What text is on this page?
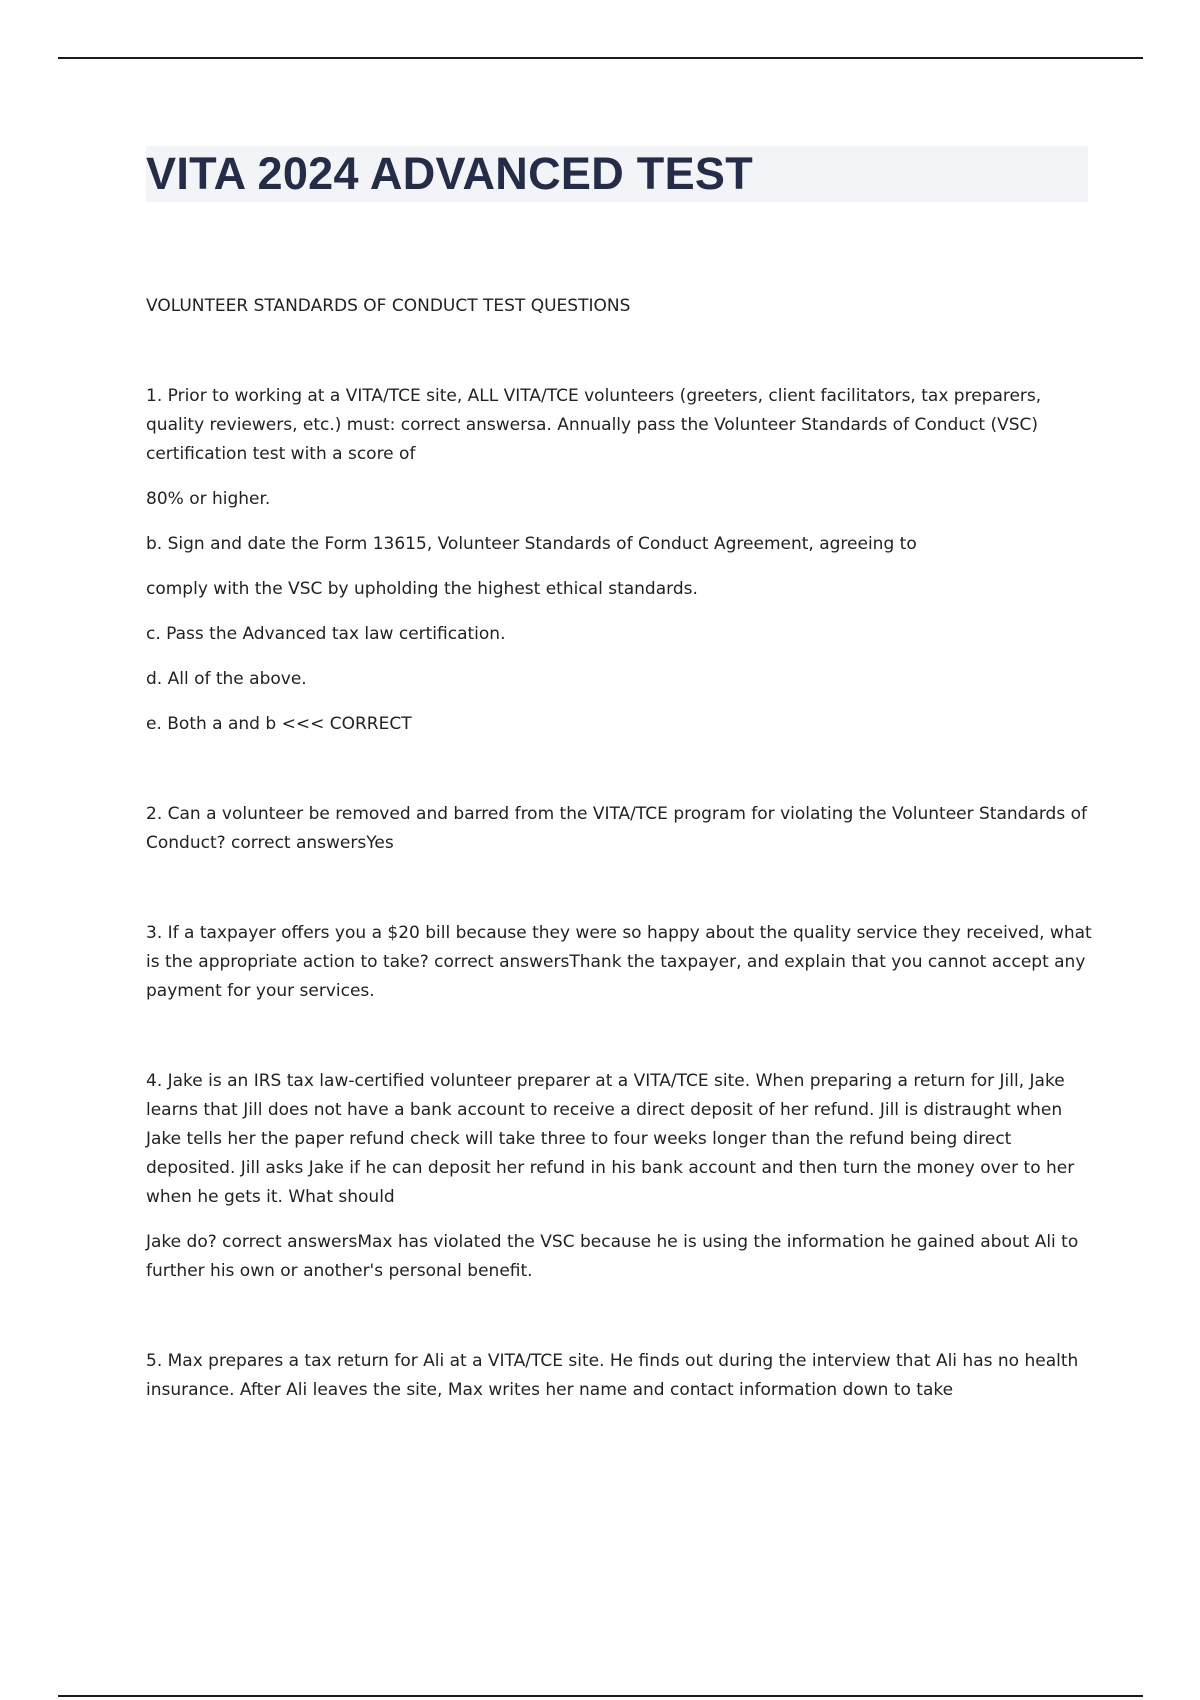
VITA 2024 ADVANCED TEST

VOLUNTEER STANDARDS OF CONDUCT TEST QUESTIONS

1. Prior to working at a VITA/TCE site, ALL VITA/TCE volunteers (greeters, client facilitators, tax preparers, quality reviewers, etc.) must: correct answersa. Annually pass the Volunteer Standards of Conduct (VSC) certification test with a score of

80% or higher.

b. Sign and date the Form 13615, Volunteer Standards of Conduct Agreement, agreeing to

comply with the VSC by upholding the highest ethical standards.

c. Pass the Advanced tax law certification.

d. All of the above.

e. Both a and b <<< CORRECT

2. Can a volunteer be removed and barred from the VITA/TCE program for violating the Volunteer Standards of Conduct? correct answersYes

3. If a taxpayer offers you a $20 bill because they were so happy about the quality service they received, what is the appropriate action to take? correct answersThank the taxpayer, and explain that you cannot accept any payment for your services.

4. Jake is an IRS tax law-certified volunteer preparer at a VITA/TCE site. When preparing a return for Jill, Jake learns that Jill does not have a bank account to receive a direct deposit of her refund. Jill is distraught when Jake tells her the paper refund check will take three to four weeks longer than the refund being direct deposited. Jill asks Jake if he can deposit her refund in his bank account and then turn the money over to her when he gets it. What should

Jake do? correct answersMax has violated the VSC because he is using the information he gained about Ali to further his own or another's personal benefit.

5. Max prepares a tax return for Ali at a VITA/TCE site. He finds out during the interview that Ali has no health insurance. After Ali leaves the site, Max writes her name and contact information down to take
